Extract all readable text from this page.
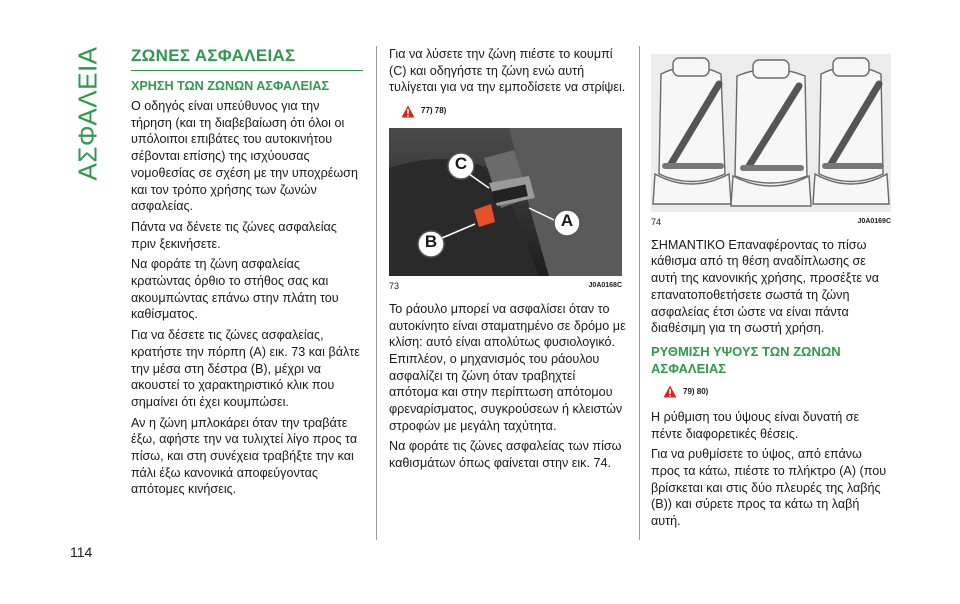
ΑΣΦΑΛΕΙΑ ΖΩΝΕΣ ΑΣΦΑΛΕΙΑΣ
ΧΡΗΣΗ ΤΩΝ ΖΩΝΩΝ ΑΣΦΑΛΕΙΑΣ

Ο οδηγός είναι υπεύθυνος για την τήρηση (και τη διαβεβαίωση ότι όλοι οι υπόλοιποι επιβάτες του αυτοκινήτου σέβονται επίσης) της ισχύουσας νομοθεσίας σε σχέση με την υποχρέωση και τον τρόπο χρήσης των ζωνών ασφαλείας.

Πάντα να δένετε τις ζώνες ασφαλείας πριν ξεκινήσετε.

Να φοράτε τη ζώνη ασφαλείας κρατώντας όρθιο το στήθος σας και ακουμπώντας επάνω στην πλάτη του καθίσματος.

Για να δέσετε τις ζώνες ασφαλείας, κρατήστε την πόρπη (A) εικ. 73 και βάλτε την μέσα στη δέστρα (B), μέχρι να ακουστεί το χαρακτηριστικό κλικ που σημαίνει ότι έχει κουμπώσει.

Αν η ζώνη μπλοκάρει όταν την τραβάτε έξω, αφήστε την να τυλιχτεί λίγο προς τα πίσω, και στη συνέχεια τραβήξτε την και πάλι έξω κανονικά αποφεύγοντας απότομες κινήσεις.

Για να λύσετε την ζώνη πιέστε το κουμπί (C) και οδηγήστε τη ζώνη ενώ αυτή τυλίγεται για να την εμποδίσετε να στρίψει.

77) 78)
C
A
B
73	J0A0168C

Το ράουλο μπορεί να ασφαλίσει όταν το αυτοκίνητο είναι σταματημένο σε δρόμο με κλίση: αυτό είναι απολύτως φυσιολογικό. Επιπλέον, ο μηχανισμός του ράουλου ασφαλίζει τη ζώνη όταν τραβηχτεί απότομα και στην περίπτωση απότομου φρεναρίσματος, συγκρούσεων ή κλειστών στροφών με μεγάλη ταχύτητα.

Να φοράτε τις ζώνες ασφαλείας των πίσω καθισμάτων όπως φαίνεται στην εικ. 74.

74	J0A0169C

ΣΗΜΑΝΤΙΚΟ Επαναφέροντας το πίσω κάθισμα από τη θέση αναδίπλωσης σε αυτή της κανονικής χρήσης, προσέξτε να επανατοποθετήσετε σωστά τη ζώνη ασφαλείας έτσι ώστε να είναι πάντα διαθέσιμη για τη σωστή χρήση.

ΡΥΘΜΙΣΗ ΥΨΟΥΣ ΤΩΝ ΖΩΝΩΝ ΑΣΦΑΛΕΙΑΣ
79) 80)

Η ρύθμιση του ύψους είναι δυνατή σε πέντε διαφορετικές θέσεις.

Για να ρυθμίσετε το ύψος, από επάνω προς τα κάτω, πιέστε το πλήκτρο (A) (που βρίσκεται και στις δύο πλευρές της λαβής (B)) και σύρετε προς τα κάτω τη λαβή αυτή.

114
